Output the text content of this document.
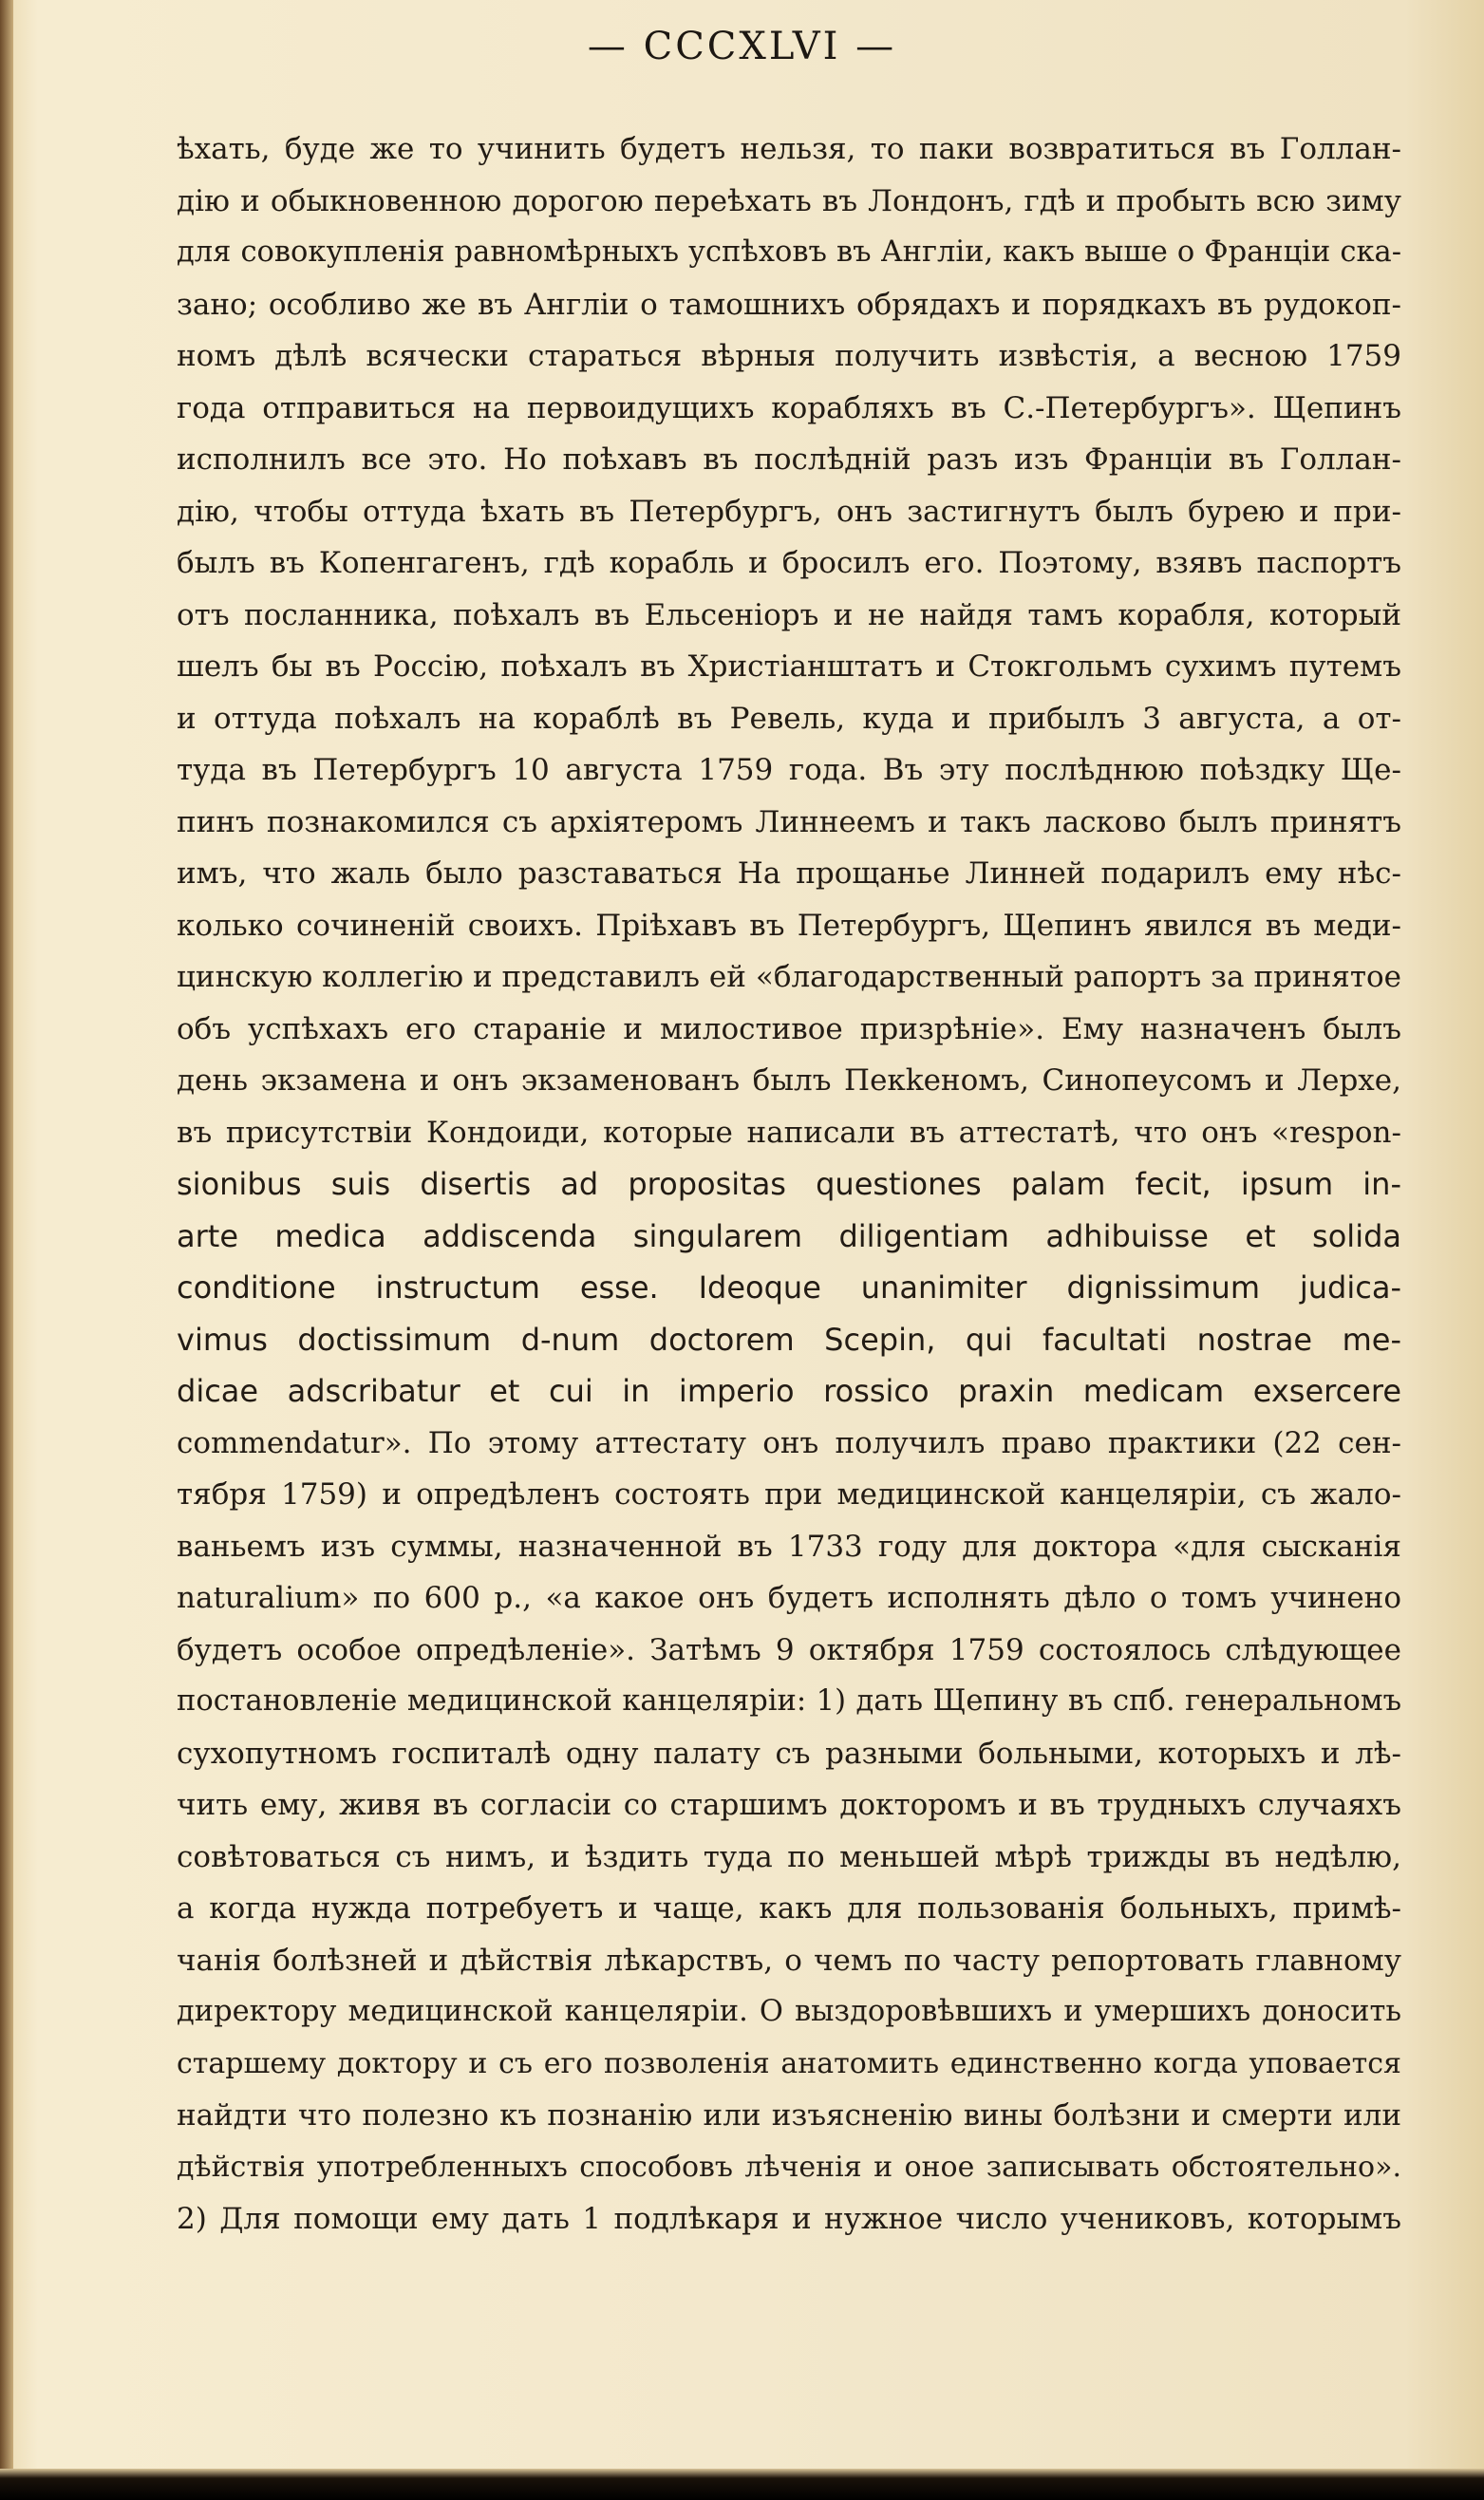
— CCCXLVI —
ѣхать, буде же то учинить будетъ нельзя, то паки возвратиться въ Голлан-
дію и обыкновенною дорогою переѣхать въ Лондонъ, гдѣ и пробыть всю зиму
для совокупленія равномѣрныхъ успѣховъ въ Англіи, какъ выше о Франціи ска-
зано; особливо же въ Англіи о тамошнихъ обрядахъ и порядкахъ въ рудокоп-
номъ дѣлѣ всячески стараться вѣрныя получить извѣстія, а весною 1759
года отправиться на первоидущихъ корабляхъ въ С.-Петербургъ». Щепинъ
исполнилъ все это. Но поѣхавъ въ послѣдній разъ изъ Франціи въ Голлан-
дію, чтобы оттуда ѣхать въ Петербургъ, онъ застигнутъ былъ бурею и при-
былъ въ Копенгагенъ, гдѣ корабль и бросилъ его. Поэтому, взявъ паспортъ
отъ посланника, поѣхалъ въ Ельсеніоръ и не найдя тамъ корабля, который
шелъ бы въ Россію, поѣхалъ въ Христіанштатъ и Стокгольмъ сухимъ путемъ
и оттуда поѣхалъ на кораблѣ въ Ревель, куда и прибылъ 3 августа, а от-
туда въ Петербургъ 10 августа 1759 года. Въ эту послѣднюю поѣздку Ще-
пинъ познакомился съ архіятеромъ Линнеемъ и такъ ласково былъ принятъ
имъ, что жаль было разставаться На прощанье Линней подарилъ ему нѣс-
колько сочиненій своихъ. Пріѣхавъ въ Петербургъ, Щепинъ явился въ меди-
цинскую коллегію и представилъ ей «благодарственный рапортъ за принятое
объ успѣхахъ его стараніе и милостивое призрѣніе». Ему назначенъ былъ
день экзамена и онъ экзаменованъ былъ Пекkеномъ, Синопеусомъ и Лерхе,
въ присутствіи Кондоиди, которые написали въ аттестатѣ, что онъ «respon-
sionibus suis disertis ad propositas questiones palam fecit, ipsum in-
arte medica addiscenda singularem diligentiam adhibuisse et solida
conditione instructum esse. Ideoque unanimiter dignissimum judica-
vimus doctissimum d-num doctorem Scepin, qui facultati nostrae me-
dicae adscribatur et cui in imperio rossico praxin medicam exsercere
commendatur». По этому аттестату онъ получилъ право практики (22 сен-
тября 1759) и опредѣленъ состоять при медицинской канцеляріи, съ жало-
ваньемъ изъ суммы, назначенной въ 1733 году для доктора «для сысканія
naturalium» по 600 р., «а какое онъ будетъ исполнять дѣло о томъ учинено
будетъ особое опредѣленіе». Затѣмъ 9 октября 1759 состоялось слѣдующее
постановленіе медицинской канцеляріи: 1) дать Щепину въ спб. генеральномъ
сухопутномъ госпиталѣ одну палату съ разными больными, которыхъ и лѣ-
чить ему, живя въ согласіи со старшимъ докторомъ и въ трудныхъ случаяхъ
совѣтоваться съ нимъ, и ѣздить туда по меньшей мѣрѣ трижды въ недѣлю,
а когда нужда потребуетъ и чаще, какъ для пользованія больныхъ, примѣ-
чанія болѣзней и дѣйствія лѣкарствъ, о чемъ по часту репортовать главному
директору медицинской канцеляріи. О выздоровѣвшихъ и умершихъ доносить
старшему доктору и съ его позволенія анатомить единственно когда уповается
найдти что полезно къ познанію или изъясненію вины болѣзни и смерти или
дѣйствія употребленныхъ способовъ лѣченія и оное записывать обстоятельно».
2) Для помощи ему дать 1 подлѣкаря и нужное число учениковъ, которымъ
